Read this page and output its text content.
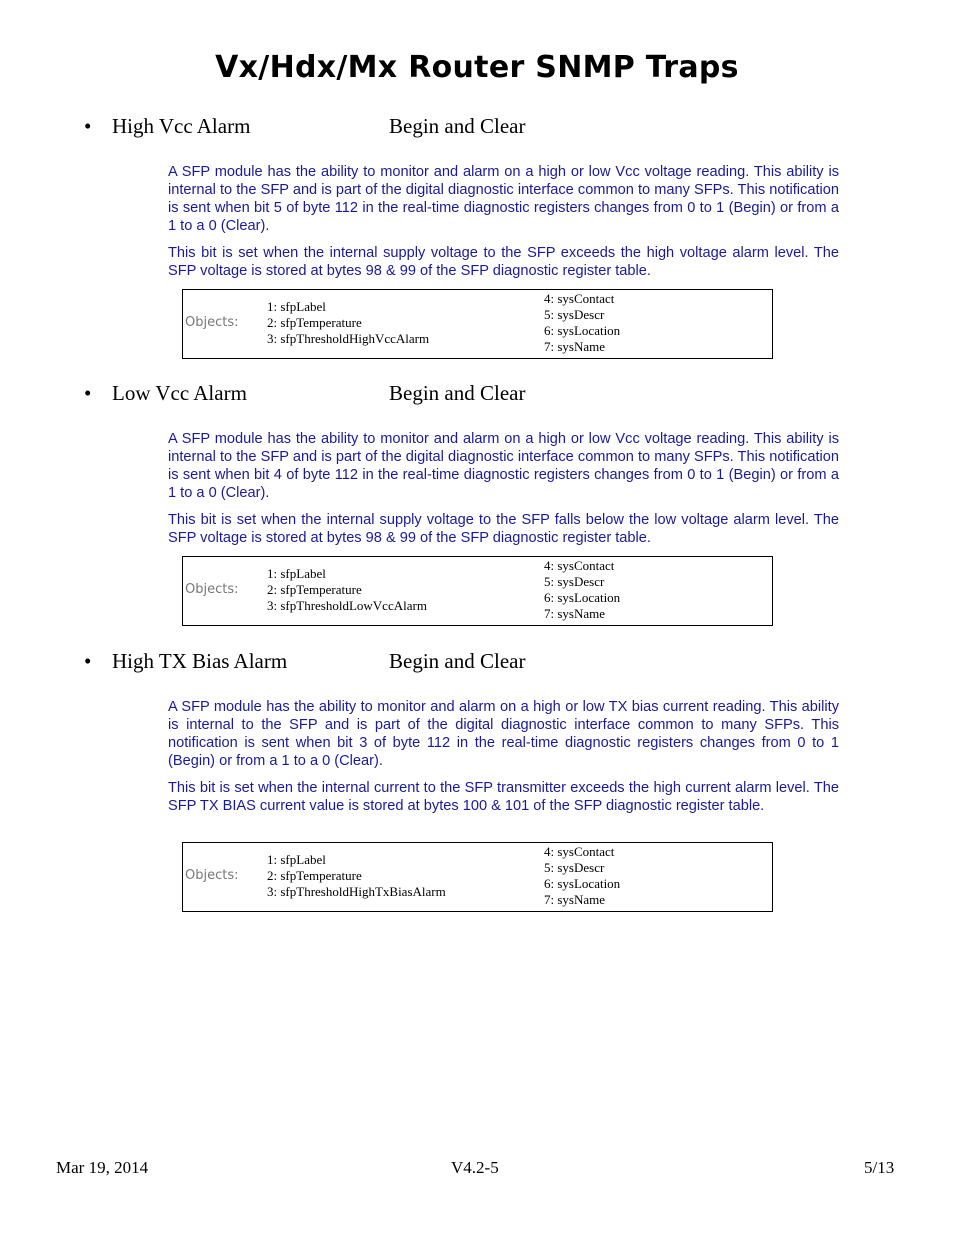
Vx/Hdx/Mx Router SNMP Traps
• High Vcc Alarm	Begin and Clear

A SFP module has the ability to monitor and alarm on a high or low Vcc voltage reading. This ability is internal to the SFP and is part of the digital diagnostic interface common to many SFPs. This notification is sent when bit 5 of byte 112 in the real-time diagnostic registers changes from 0 to 1 (Begin) or from a 1 to a 0 (Clear).

This bit is set when the internal supply voltage to the SFP exceeds the high voltage alarm level. The SFP voltage is stored at bytes 98 & 99 of the SFP diagnostic register table.

Objects:
1: sfpLabel
2: sfpTemperature
3: sfpThresholdHighVccAlarm
4: sysContact
5: sysDescr
6: sysLocation
7: sysName
• Low Vcc Alarm	Begin and Clear

A SFP module has the ability to monitor and alarm on a high or low Vcc voltage reading. This ability is internal to the SFP and is part of the digital diagnostic interface common to many SFPs. This notification is sent when bit 4 of byte 112 in the real-time diagnostic registers changes from 0 to 1 (Begin) or from a 1 to a 0 (Clear).

This bit is set when the internal supply voltage to the SFP falls below the low voltage alarm level. The SFP voltage is stored at bytes 98 & 99 of the SFP diagnostic register table.

Objects:
1: sfpLabel
2: sfpTemperature
3: sfpThresholdLowVccAlarm
4: sysContact
5: sysDescr
6: sysLocation
7: sysName
• High TX Bias Alarm	Begin and Clear

A SFP module has the ability to monitor and alarm on a high or low TX bias current reading. This ability is internal to the SFP and is part of the digital diagnostic interface common to many SFPs. This notification is sent when bit 3 of byte 112 in the real-time diagnostic registers changes from 0 to 1 (Begin) or from a 1 to a 0 (Clear).

This bit is set when the internal current to the SFP transmitter exceeds the high current alarm level. The SFP TX BIAS current value is stored at bytes 100 & 101 of the SFP diagnostic register table.

Objects:
1: sfpLabel
2: sfpTemperature
3: sfpThresholdHighTxBiasAlarm
4: sysContact
5: sysDescr
6: sysLocation
7: sysName
Mar 19, 2014	V4.2-5	5/13
